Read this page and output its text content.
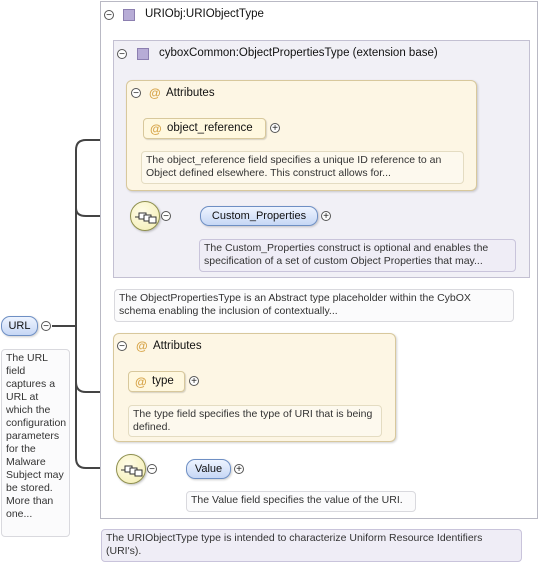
URL	−
The URL field captures a URL at which the configuration parameters for the Malware Subject may be stored. More than one...
−	URIObj:URIObjectType
−	cyboxCommon:ObjectPropertiesType (extension base)
− @ Attributes
@ object_reference +
The object_reference field specifies a unique ID reference to an Object defined elsewhere. This construct allows for...
−	Custom_Properties	+
The Custom_Properties construct is optional and enables the specification of a set of custom Object Properties that may...
The ObjectPropertiesType is an Abstract type placeholder within the CybOX schema enabling the inclusion of contextually...
− @ Attributes
@ type +
The type field specifies the type of URI that is being defined.
−	Value	+
The Value field specifies the value of the URI.
The URIObjectType type is intended to characterize Uniform Resource Identifiers (URI's).
